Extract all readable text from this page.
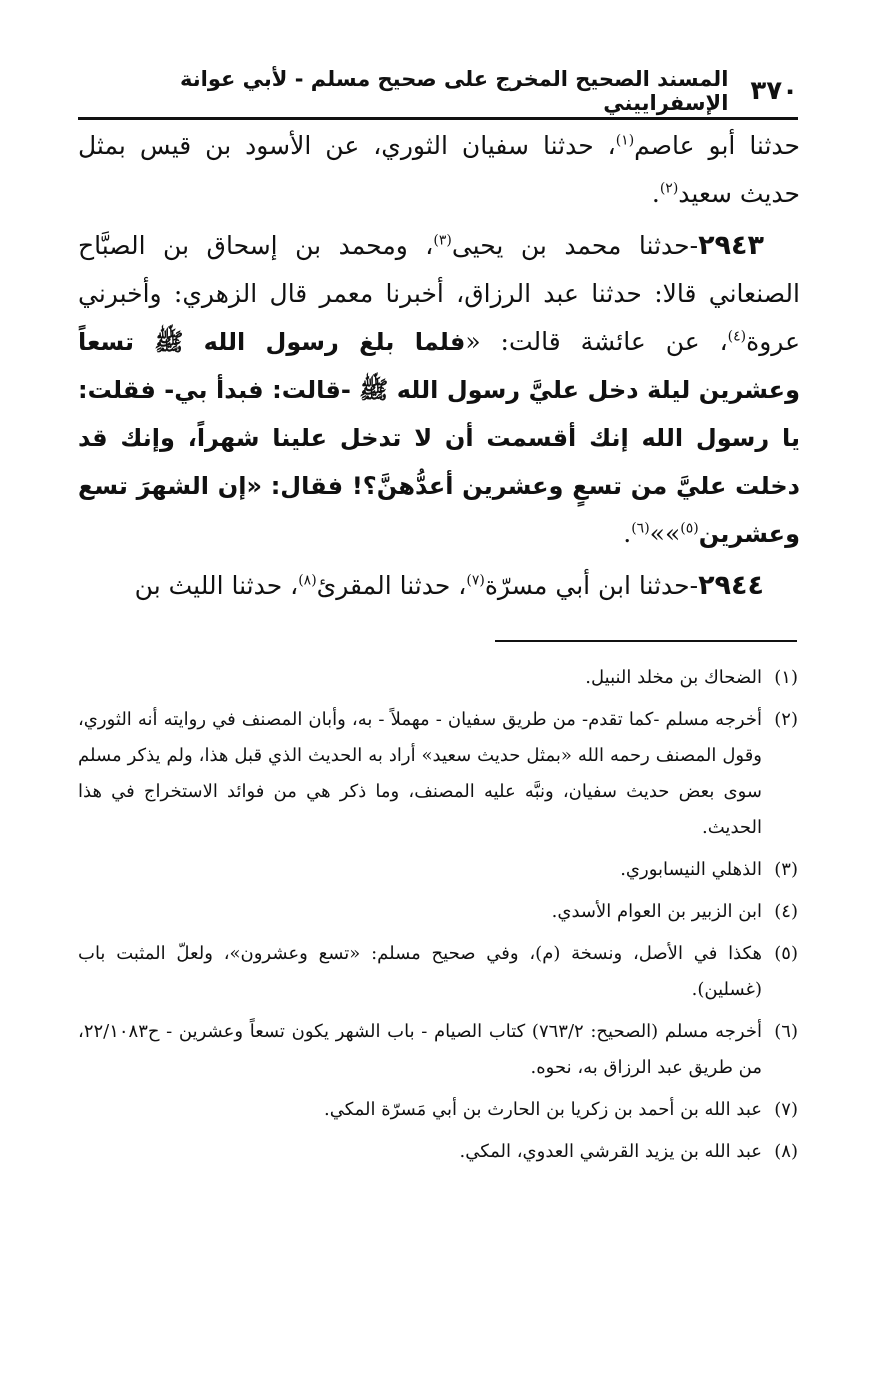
٣٧٠
المسند الصحيح المخرج على صحيح مسلم - لأبي عوانة الإسفراييني

حدثنا أبو عاصم$^{(١)}$، حدثنا سفيان الثوري، عن الأسود بن قيس بمثل حديث سعيد$^{(٢)}$.

٢٩٤٣-حدثنا محمد بن يحيى$^{(٣)}$، ومحمد بن إسحاق بن الصبَّاح الصنعاني قالا: حدثنا عبد الرزاق، أخبرنا معمر قال الزهري: وأخبرني عروة$^{(٤)}$، عن عائشة قالت: «فلما بلغ رسول الله ﷺ تسعاً وعشرين ليلة دخل عليَّ رسول الله ﷺ -قالت: فبدأ بي- فقلت: يا رسول الله إنك أقسمت أن لا تدخل علينا شهراً، وإنك قد دخلت عليَّ من تسعٍ وعشرين أعدُّهنَّ؟! فقال: «إن الشهرَ تسع وعشرين$^{(٥)}$»»$^{(٦)}$.

٢٩٤٤-حدثنا ابن أبي مسرّة$^{(٧)}$، حدثنا المقرئ$^{(٨)}$، حدثنا الليث بن

(١)الضحاك بن مخلد النبيل.

(٢)أخرجه مسلم -كما تقدم- من طريق سفيان - مهملاً - به، وأبان المصنف في روايته أنه الثوري، وقول المصنف رحمه الله «بمثل حديث سعيد» أراد به الحديث الذي قبل هذا، ولم يذكر مسلم سوى بعض حديث سفيان، ونبَّه عليه المصنف، وما ذكر هي من فوائد الاستخراج في هذا الحديث.

(٣)الذهلي النيسابوري.

(٤)ابن الزبير بن العوام الأسدي.

(٥)هكذا في الأصل، ونسخة (م)، وفي صحيح مسلم: «تسع وعشرون»، ولعلّ المثبت باب (غسلين).

(٦)أخرجه مسلم (الصحيح: ٧٦٣/٢) كتاب الصيام - باب الشهر يكون تسعاً وعشرين - ح٢٢/١٠٨٣، من طريق عبد الرزاق به، نحوه.

(٧)عبد الله بن أحمد بن زكريا بن الحارث بن أبي مَسرّة المكي.

(٨)عبد الله بن يزيد القرشي العدوي، المكي.
